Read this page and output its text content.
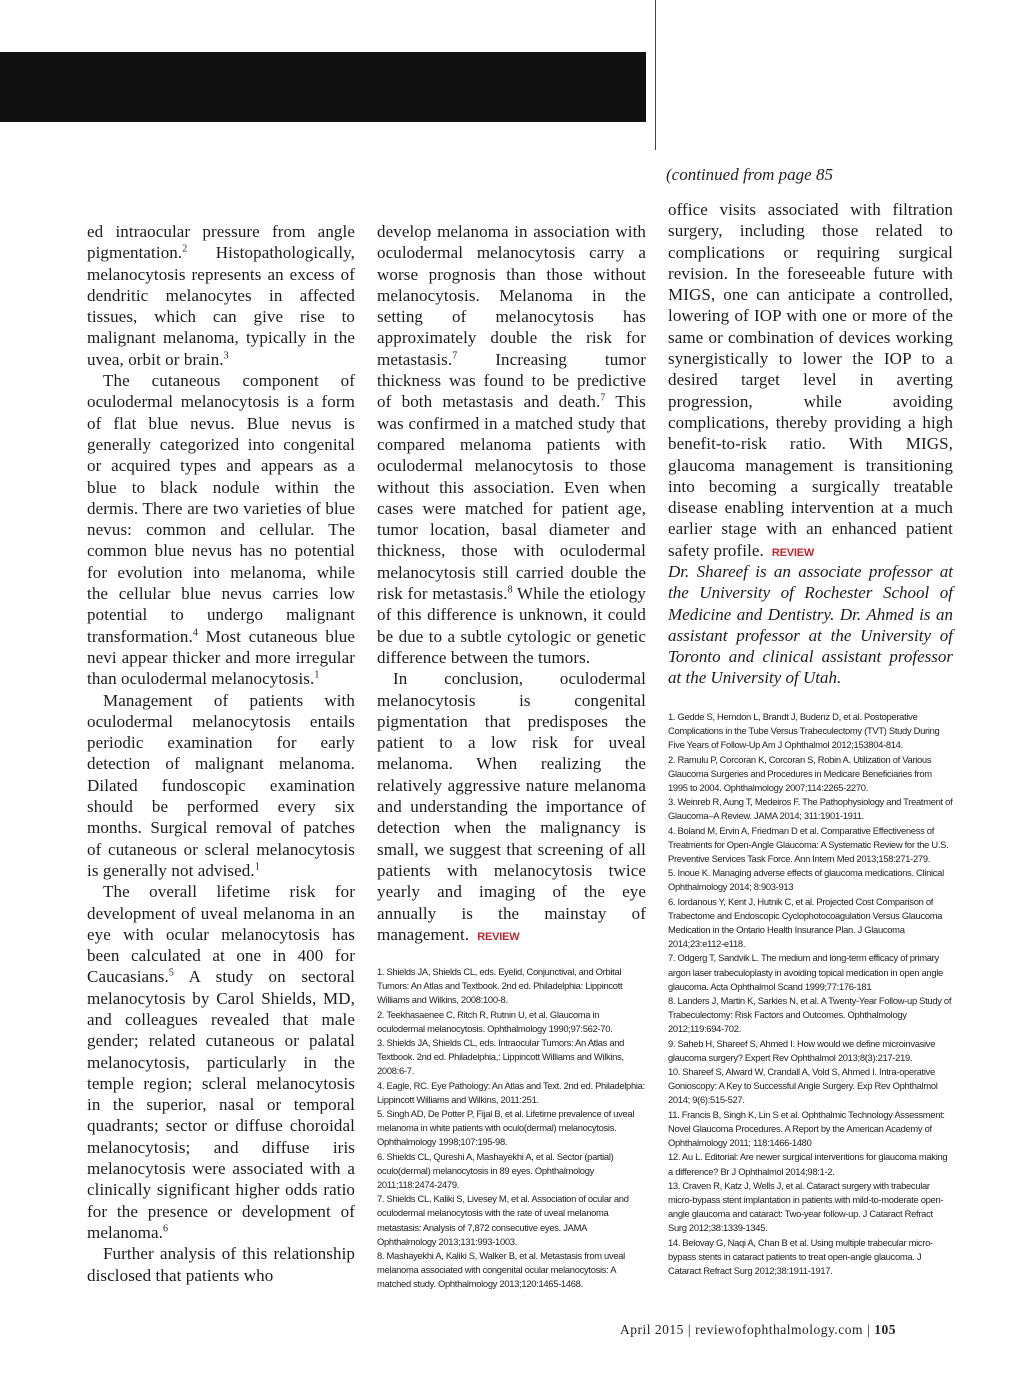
ed intraocular pressure from angle pigmentation.$^2$ Histopathologically, melanocytosis represents an excess of dendritic melanocytes in affected tissues, which can give rise to malignant melanoma, typically in the uvea, orbit or brain.$^3$

The cutaneous component of oculodermal melanocytosis is a form of flat blue nevus. Blue nevus is generally categorized into congenital or acquired types and appears as a blue to black nodule within the dermis. There are two varieties of blue nevus: common and cellular. The common blue nevus has no potential for evolution into melanoma, while the cellular blue nevus carries low potential to undergo malignant transformation.$^4$ Most cutaneous blue nevi appear thicker and more irregular than oculodermal melanocytosis.$^1$

Management of patients with oculodermal melanocytosis entails periodic examination for early detection of malignant melanoma. Dilated fundoscopic examination should be performed every six months. Surgical removal of patches of cutaneous or scleral melanocytosis is generally not advised.$^1$

The overall lifetime risk for development of uveal melanoma in an eye with ocular melanocytosis has been calculated at one in 400 for Caucasians.$^5$ A study on sectoral melanocytosis by Carol Shields, MD, and colleagues revealed that male gender; related cutaneous or palatal melanocytosis, particularly in the temple region; scleral melanocytosis in the superior, nasal or temporal quadrants; sector or diffuse choroidal melanocytosis; and diffuse iris melanocytosis were associated with a clinically significant higher odds ratio for the presence or development of melanoma.$^6$

Further analysis of this relationship disclosed that patients who

develop melanoma in association with oculodermal melanocytosis carry a worse prognosis than those without melanocytosis. Melanoma in the setting of melanocytosis has approximately double the risk for metastasis.$^7$ Increasing tumor thickness was found to be predictive of both metastasis and death.$^7$ This was confirmed in a matched study that compared melanoma patients with oculodermal melanocytosis to those without this association. Even when cases were matched for patient age, tumor location, basal diameter and thickness, those with oculodermal melanocytosis still carried double the risk for metastasis.$^8$ While the etiology of this difference is unknown, it could be due to a subtle cytologic or genetic difference between the tumors.

In conclusion, oculodermal melanocytosis is congenital pigmentation that predisposes the patient to a low risk for uveal melanoma. When realizing the relatively aggressive nature melanoma and understanding the importance of detection when the malignancy is small, we suggest that screening of all patients with melanocytosis twice yearly and imaging of the eye annually is the mainstay of management. REVIEW

1. Shields JA, Shields CL, eds. Eyelid, Conjunctival, and Orbital Tumors: An Atlas and Textbook. 2nd ed. Philadelphia: Lippincott Williams and Wilkins, 2008:100-8.
2. Teekhasaenee C, Ritch R, Rutnin U, et al. Glaucoma in oculodermal melanocytosis. Ophthalmology 1990;97:562-70.
3. Shields JA, Shields CL, eds. Intraocular Tumors: An Atlas and Textbook. 2nd ed. Philadelphia,: Lippincott Williams and Wilkins, 2008:6-7.
4. Eagle, RC. Eye Pathology: An Atlas and Text. 2nd ed. Philadelphia: Lippincott Williams and Wilkins, 2011:251.
5. Singh AD, De Potter P, Fijal B, et al. Lifetime prevalence of uveal melanoma in white patients with oculo(dermal) melanocytosis. Ophthalmology 1998;107:195-98.
6. Shields CL, Qureshi A, Mashayekhi A, et al. Sector (partial) oculo(dermal) melanocytosis in 89 eyes. Ophthalmology 2011;118:2474-2479.
7. Shields CL, Kaliki S, Livesey M, et al. Association of ocular and oculodermal melanocytosis with the rate of uveal melanoma metastasis: Analysis of 7,872 consecutive eyes. JAMA Ophthalmology 2013;131:993-1003.
8. Mashayekhi A, Kaliki S, Walker B, et al. Metastasis from uveal melanoma associated with congenital ocular melanocytosis: A matched study. Ophthalmology 2013;120:1465-1468.
(continued from page 85

office visits associated with filtration surgery, including those related to complications or requiring surgical revision. In the foreseeable future with MIGS, one can anticipate a controlled, lowering of IOP with one or more of the same or combination of devices working synergistically to lower the IOP to a desired target level in averting progression, while avoiding complications, thereby providing a high benefit-to-risk ratio. With MIGS, glaucoma management is transitioning into becoming a surgically treatable disease enabling intervention at a much earlier stage with an enhanced patient safety profile. REVIEW

Dr. Shareef is an associate professor at the University of Rochester School of Medicine and Dentistry. Dr. Ahmed is an assistant professor at the University of Toronto and clinical assistant professor at the University of Utah.
1. Gedde S, Herndon L, Brandt J, Budenz D, et al. Postoperative Complications in the Tube Versus Trabeculectomy (TVT) Study During Five Years of Follow-Up Am J Ophthalmol 2012;153804-814.
2. Ramulu P, Corcoran K, Corcoran S, Robin A. Utilization of Various Glaucoma Surgeries and Procedures in Medicare Beneficiaries from 1995 to 2004. Ophthalmology 2007;114:2265-2270.
3. Weinreb R, Aung T, Medeiros F. The Pathophysiology and Treatment of Glaucoma–A Review. JAMA 2014; 311:1901-1911.
4. Boland M, Ervin A, Friedman D et al. Comparative Effectiveness of Treatments for Open-Angle Glaucoma: A Systematic Review for the U.S. Preventive Services Task Force. Ann Intern Med 2013;158:271-279.
5. Inoue K. Managing adverse effects of glaucoma medications. Clinical Ophthalmology 2014; 8:903-913
6. Iordanous Y, Kent J, Hutnik C, et al. Projected Cost Comparison of Trabectome and Endoscopic Cyclophotocoagulation Versus Glaucoma Medication in the Ontario Health Insurance Plan. J Glaucoma 2014;23:e112-e118.
7. Odgerg T, Sandvik L. The medium and long-term efficacy of primary argon laser trabeculoplasty in avoiding topical medication in open angle glaucoma. Acta Ophthalmol Scand 1999;77:176-181
8. Landers J, Martin K, Sarkies N, et al. A Twenty-Year Follow-up Study of Trabeculectomy: Risk Factors and Outcomes. Ophthalmology 2012;119:694-702.
9. Saheb H, Shareef S, Ahmed I. How would we define microinvasive glaucoma surgery? Expert Rev Ophthalmol 2013;8(3):217-219.
10. Shareef S, Alward W, Crandall A, Vold S, Ahmed I. Intra-operative Gonioscopy: A Key to Successful Angle Surgery. Exp Rev Ophthalmol 2014; 9(6):515-527.
11. Francis B, Singh K, Lin S et al. Ophthalmic Technology Assessment: Novel Glaucoma Procedures. A Report by the American Academy of Ophthalmology 2011; 118:1466-1480
12. Au L. Editorial: Are newer surgical interventions for glaucoma making a difference? Br J Ophthalmol 2014;98:1-2.
13. Craven R, Katz J, Wells J, et al. Cataract surgery with trabecular micro-bypass stent implantation in patients with mild-to-moderate open-angle glaucoma and cataract: Two-year follow-up. J Cataract Refract Surg 2012;38:1339-1345.
14. Belovay G, Naqi A, Chan B et al. Using multiple trabecular micro-bypass stents in cataract patients to treat open-angle glaucoma. J Cataract Refract Surg 2012;38:1911-1917.
April 2015 | reviewofophthalmology.com | 105
